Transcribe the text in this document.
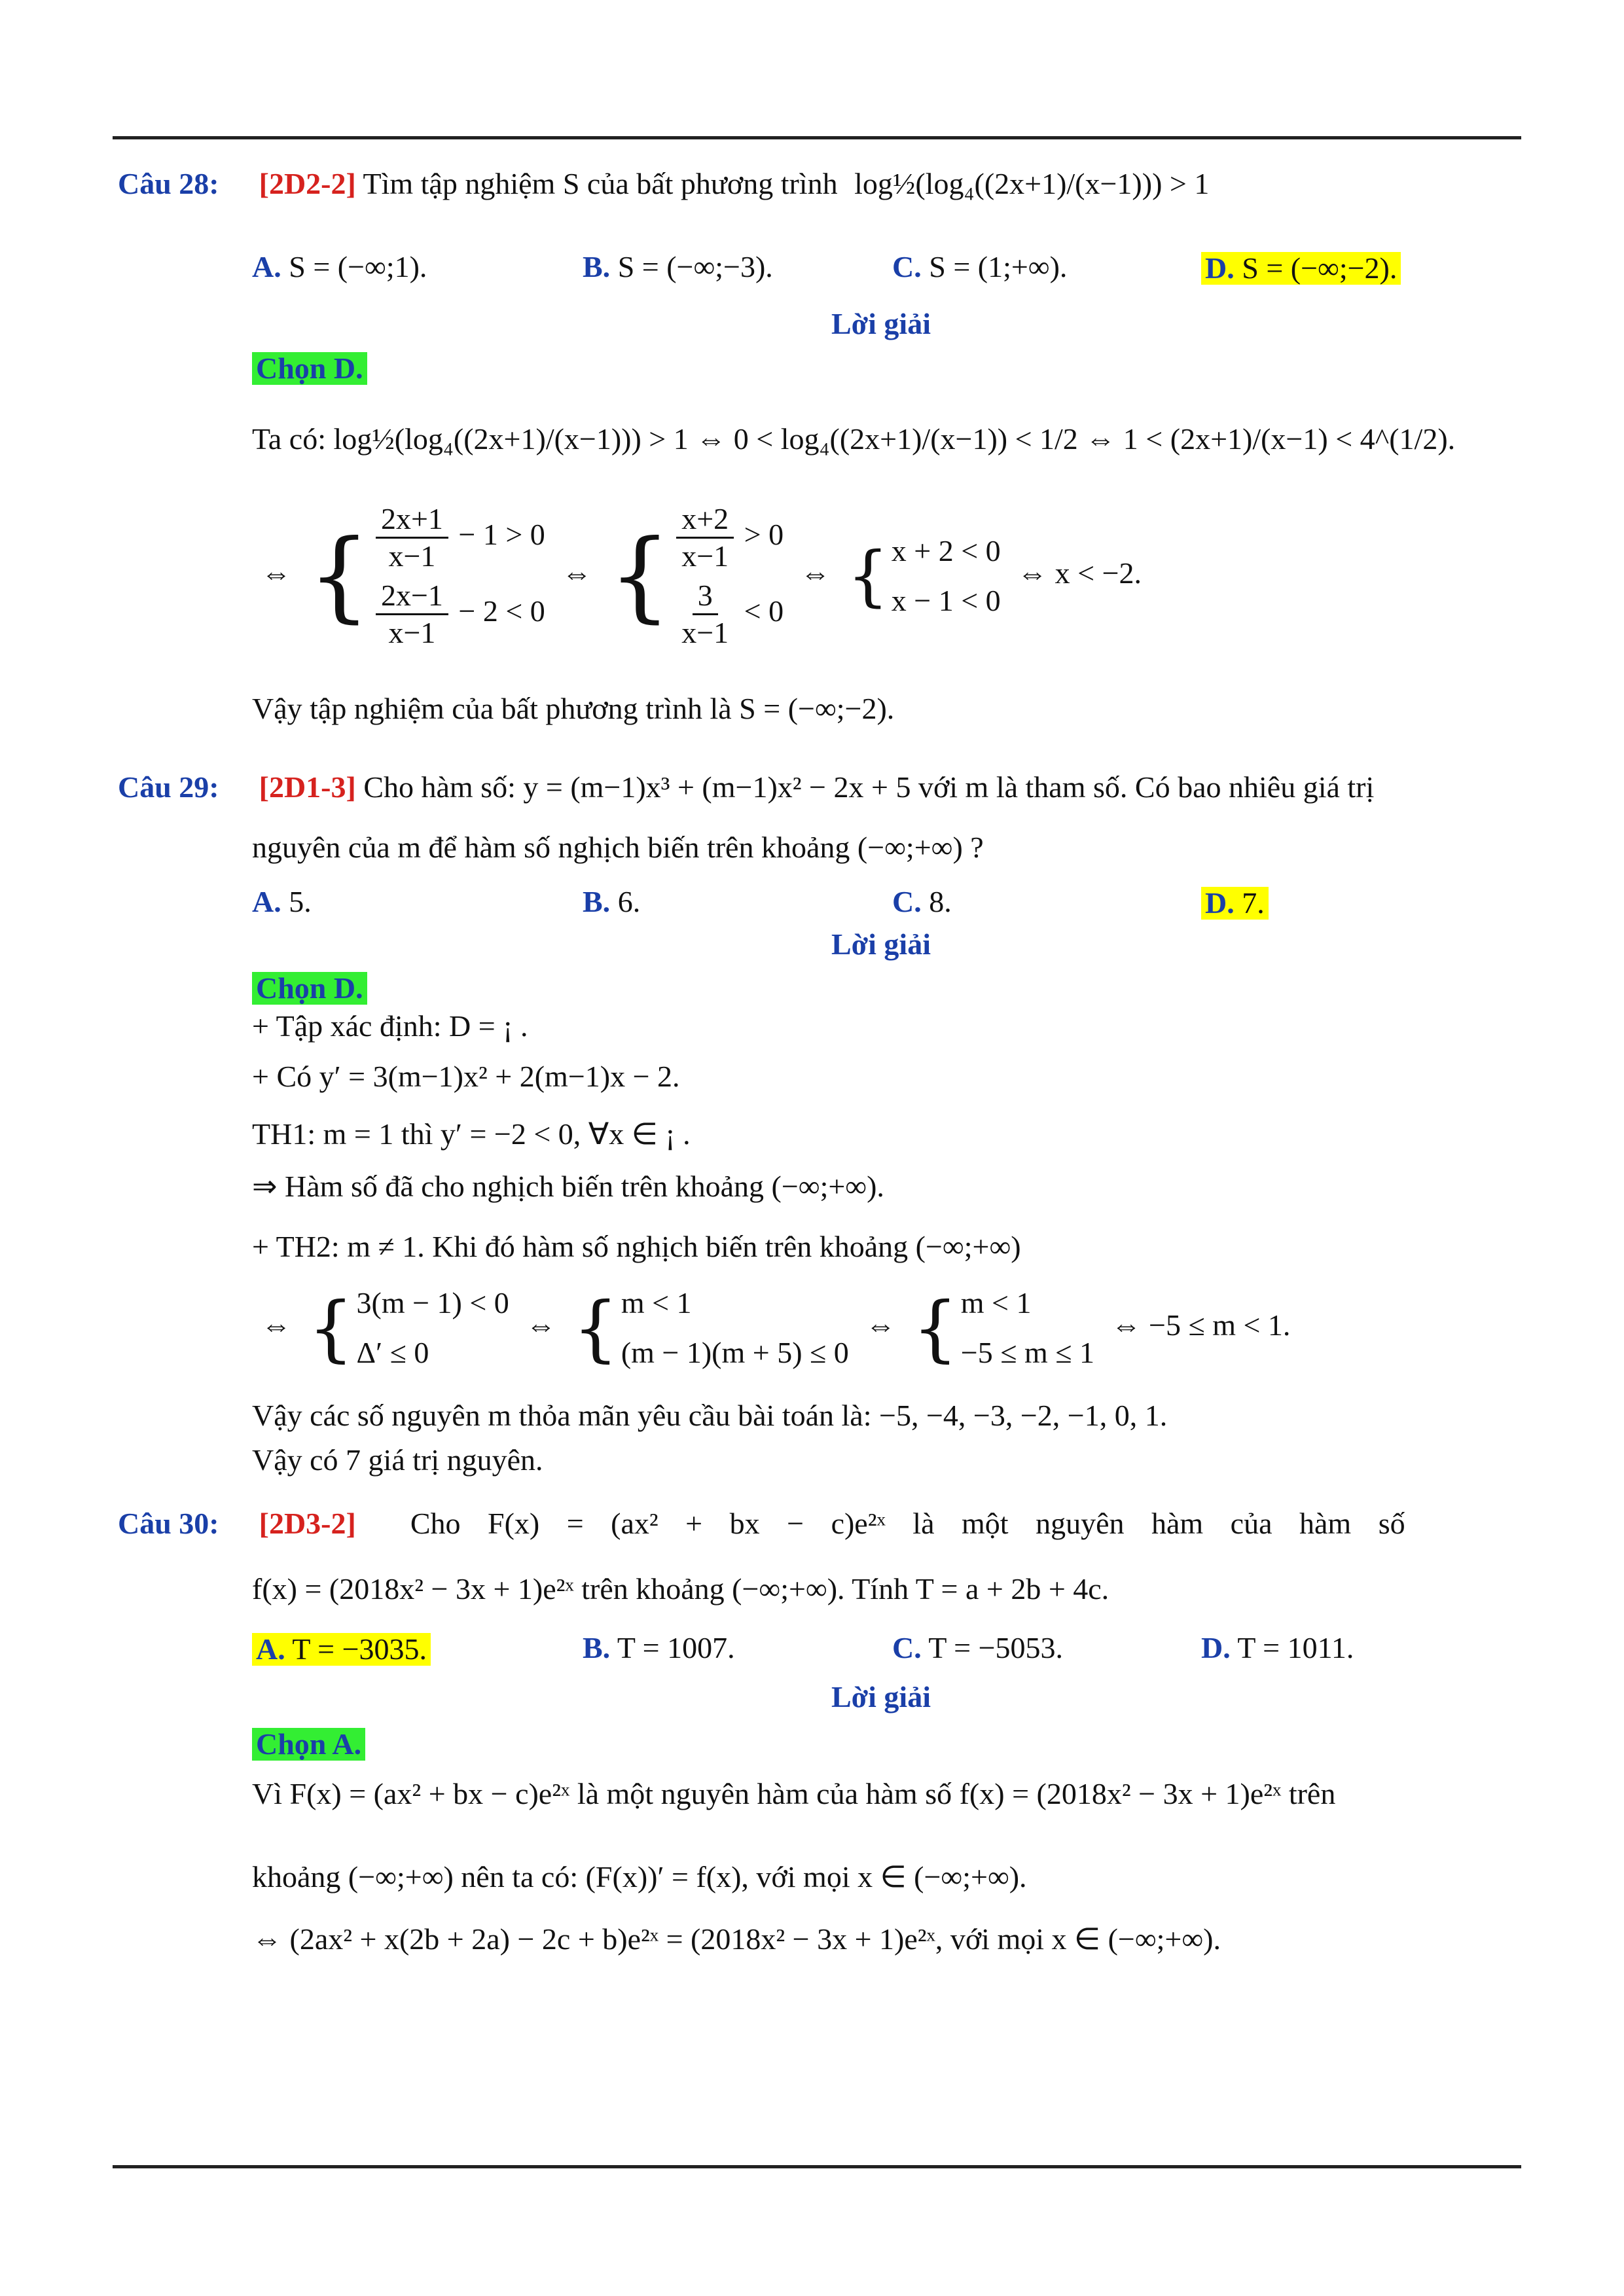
Câu 28: [2D2-2] Tìm tập nghiệm S của bất phương trình log½(log₄((2x+1)/(x−1))) > 1
A. S = (−∞;1).	B. S = (−∞;−3).	C. S = (1;+∞).	D. S = (−∞;−2).
Lời giải
Chọn D.
Ta có: log½(log₄((2x+1)/(x−1))) > 1 ⇔ 0 < log₄((2x+1)/(x−1)) < 1/2 ⇔ 1 < (2x+1)/(x−1) < 4^(1/2).
⇔ { $\frac{2x+1}{x-1} - 1 > 0$
$\frac{2x-1}{x-1} - 2 < 0$
⇔ { $\frac{x+2}{x-1} > 0$
$\frac{3}{x-1} < 0$
⇔ { x + 2 < 0
x − 1 < 0
⇔ x < −2.
Vậy tập nghiệm của bất phương trình là S = (−∞;−2).
Câu 29: [2D1-3] Cho hàm số: y = (m−1)x³ + (m−1)x² − 2x + 5 với m là tham số. Có bao nhiêu giá trị
nguyên của m để hàm số nghịch biến trên khoảng (−∞;+∞) ?
A. 5.	B. 6.	C. 8.	D. 7.
Lời giải
Chọn D.
+ Tập xác định: D = ¡ .
+ Có y′ = 3(m−1)x² + 2(m−1)x − 2.
TH1: m = 1 thì y′ = −2 < 0, ∀x ∈ ¡ .
⇒ Hàm số đã cho nghịch biến trên khoảng (−∞;+∞).
+ TH2: m ≠ 1. Khi đó hàm số nghịch biến trên khoảng (−∞;+∞)
⇔ { 3(m − 1) < 0
Δ′ ≤ 0
⇔ { m < 1
(m − 1)(m + 5) ≤ 0
⇔ { m < 1
−5 ≤ m ≤ 1
⇔ −5 ≤ m < 1.
Vậy các số nguyên m thỏa mãn yêu cầu bài toán là: −5, −4, −3, −2, −1, 0, 1.
Vậy có 7 giá trị nguyên.
Câu 30: [2D3-2] Cho F(x) = (ax² + bx − c)e²ˣ là một nguyên hàm của hàm số
f(x) = (2018x² − 3x + 1)e²ˣ trên khoảng (−∞;+∞). Tính T = a + 2b + 4c.
A. T = −3035.	B. T = 1007.	C. T = −5053.	D. T = 1011.
Lời giải
Chọn A.
Vì F(x) = (ax² + bx − c)e²ˣ là một nguyên hàm của hàm số f(x) = (2018x² − 3x + 1)e²ˣ trên
khoảng (−∞;+∞) nên ta có: (F(x))′ = f(x), với mọi x ∈ (−∞;+∞).
⇔ (2ax² + x(2b + 2a) − 2c + b)e²ˣ = (2018x² − 3x + 1)e²ˣ, với mọi x ∈ (−∞;+∞).
